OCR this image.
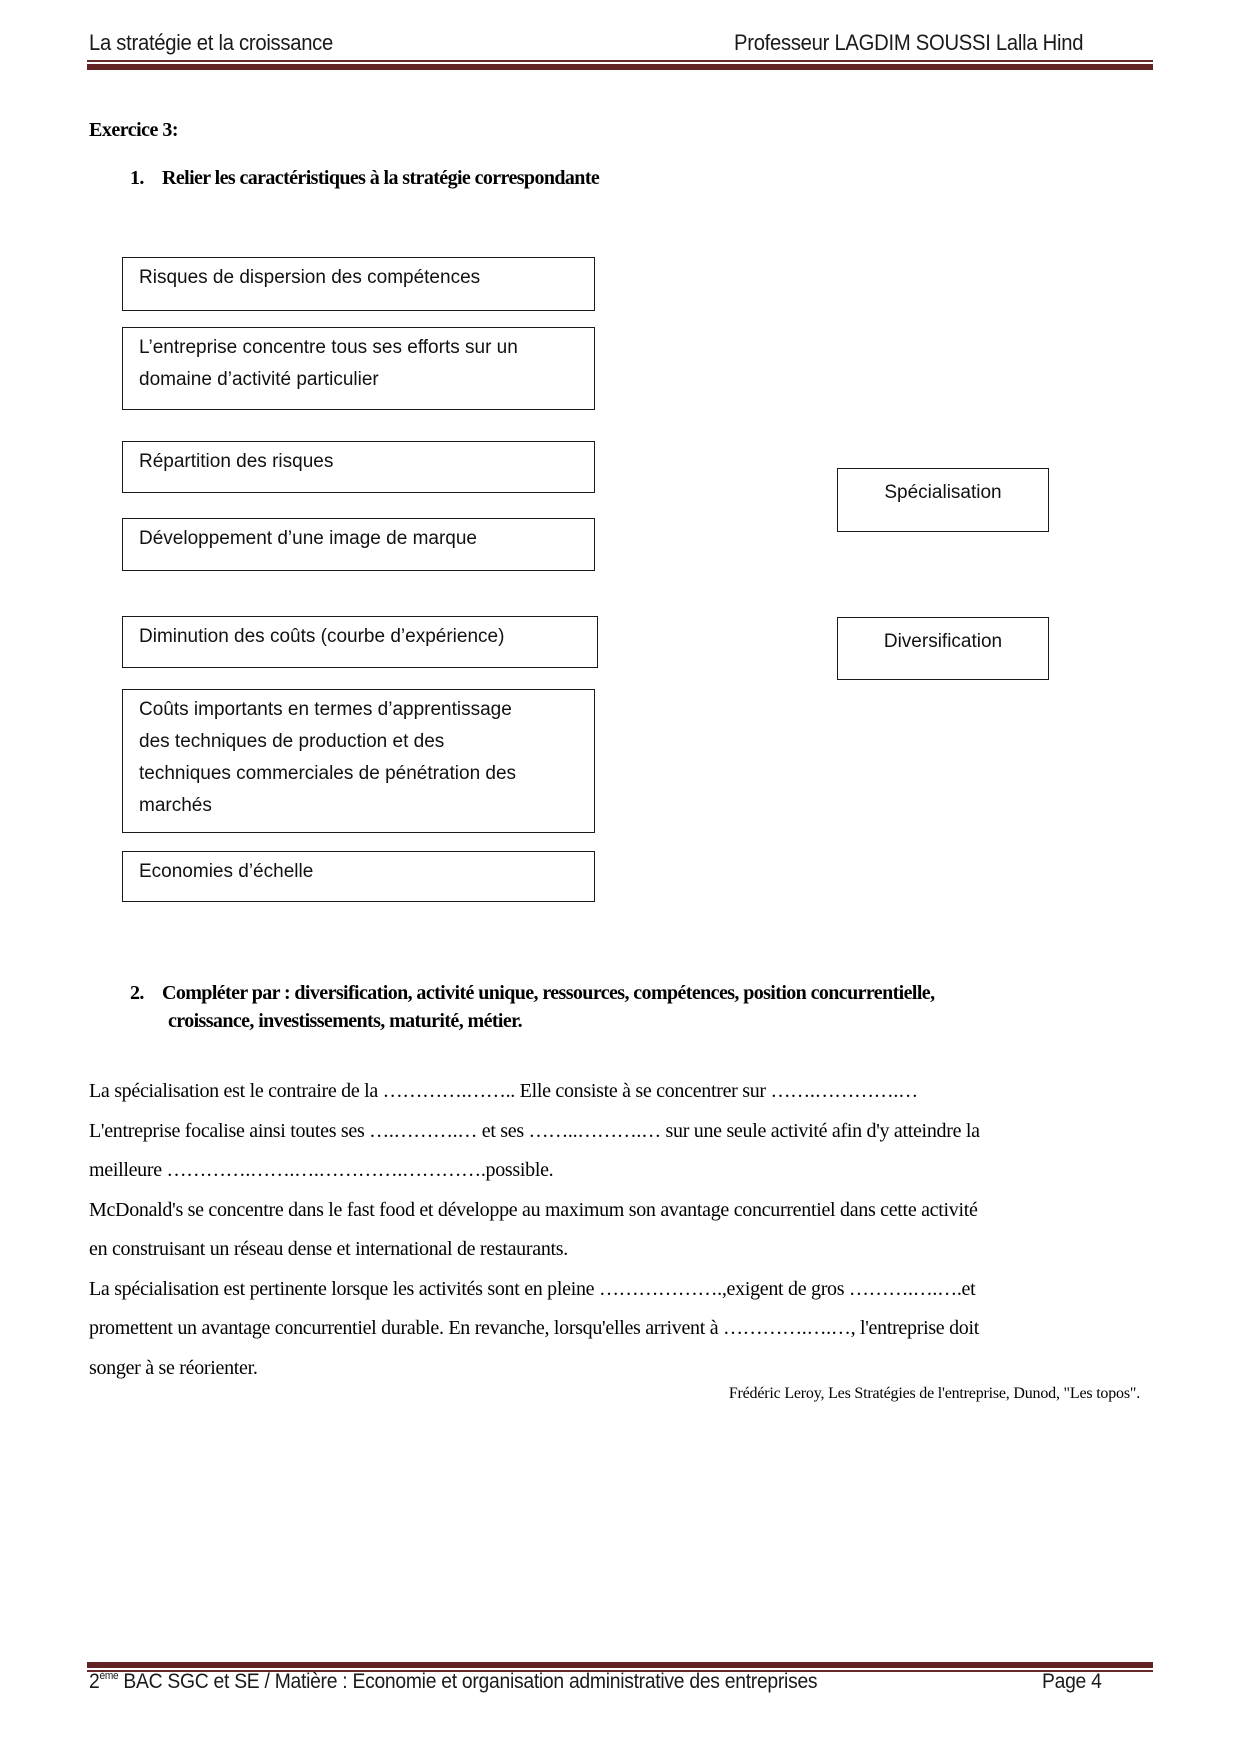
La stratégie et la croissance	Professeur LAGDIM SOUSSI Lalla Hind
Exercice 3:
1. Relier les caractéristiques à la stratégie correspondante
Risques de dispersion des compétences
L’entreprise concentre tous ses efforts sur un
domaine d’activité particulier
Répartition des risques
Développement d’une image de marque
Diminution des coûts (courbe d’expérience)
Coûts importants en termes d’apprentissage
des techniques de production et des
techniques commerciales de pénétration des
marchés
Economies d’échelle
Spécialisation
Diversification
2. Compléter par : diversification, activité unique, ressources, compétences, position concurrentielle,
croissance, investissements, maturité, métier.
La spécialisation est le contraire de la ………….…….. Elle consiste à se concentrer sur …….………….…
L'entreprise focalise ainsi toutes ses ….……….… et ses ……..……….… sur une seule activité afin d'y atteindre la
meilleure ………….…….….………….………….possible.
McDonald's se concentre dans le fast food et développe au maximum son avantage concurrentiel dans cette activité
en construisant un réseau dense et international de restaurants.
La spécialisation est pertinente lorsque les activités sont en pleine ……………….,exigent de gros ……….….….et
promettent un avantage concurrentiel durable. En revanche, lorsqu'elles arrivent à ………….….…, l'entreprise doit
songer à se réorienter.
Frédéric Leroy, Les Stratégies de l'entreprise, Dunod, "Les topos".
2ème BAC SGC et SE / Matière : Economie et organisation administrative des entreprises	Page 4
